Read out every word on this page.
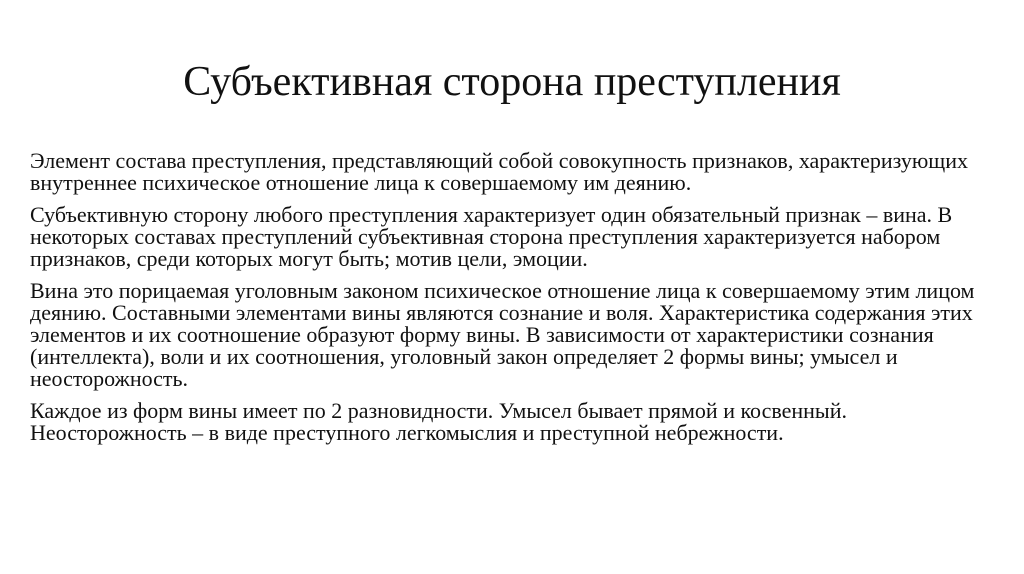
Субъективная сторона преступления

Элемент состава преступления, представляющий собой совокупность признаков, характеризующих внутреннее психическое отношение лица к совершаемому им деянию.

Субъективную сторону любого преступления характеризует один обязательный признак – вина. В некоторых составах преступлений субъективная сторона преступления характеризуется набором признаков, среди которых могут быть; мотив цели, эмоции.

Вина это порицаемая уголовным законом психическое отношение лица к совершаемому этим лицом деянию. Составными элементами вины являются сознание и воля. Характеристика содержания этих элементов и их соотношение образуют форму вины. В зависимости от характеристики сознания (интеллекта), воли и их соотношения, уголовный закон определяет 2 формы вины; умысел и неосторожность.

Каждое из форм вины имеет по 2 разновидности. Умысел бывает прямой и косвенный. Неосторожность – в виде преступного легкомыслия и преступной небрежности.
